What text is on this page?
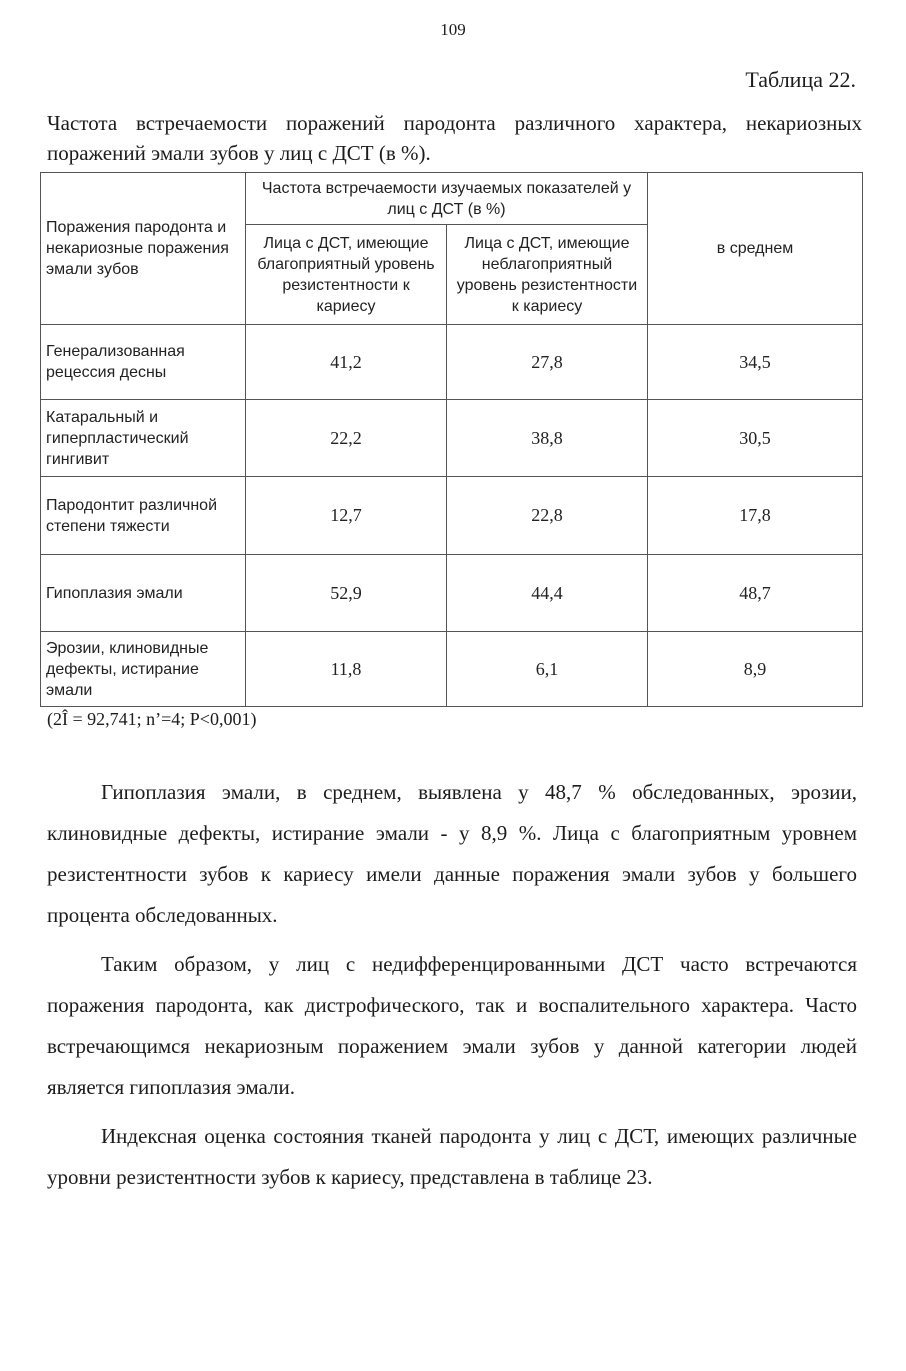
109
Таблица 22.
Частота встречаемости поражений пародонта различного характера, некариозных поражений эмали зубов у лиц с ДСТ (в %).
Поражения пародонта и некариозные поражения эмали зубов	Частота встречаемости изучаемых показателей у лиц с ДСТ (в %)		в среднем
	Лица с ДСТ, имеющие благоприятный уровень резистентности к кариесу	Лица с ДСТ, имеющие неблагоприятный уровень резистентности к кариесу	
Генерализованная рецессия десны	41,2	27,8	34,5
Катаральный и гиперпластический гингивит	22,2	38,8	30,5
Пародонтит различной степени тяжести	12,7	22,8	17,8
Гипоплазия эмали	52,9	44,4	48,7
Эрозии, клиновидные дефекты, истирание эмали	11,8	6,1	8,9
(2Î = 92,741; n’=4; P<0,001)

Гипоплазия эмали, в среднем, выявлена у 48,7 % обследованных, эрозии, клиновидные дефекты, истирание эмали - у 8,9 %. Лица с благоприятным уровнем резистентности зубов к кариесу имели данные поражения эмали зубов у большего процента обследованных.

Таким образом, у лиц с недифференцированными ДСТ часто встречаются поражения пародонта, как дистрофического, так и воспалительного характера. Часто встречающимся некариозным поражением эмали зубов у данной категории людей является гипоплазия эмали.

Индексная оценка состояния тканей пародонта у лиц с ДСТ, имеющих различные уровни резистентности зубов к кариесу, представлена в таблице 23.
